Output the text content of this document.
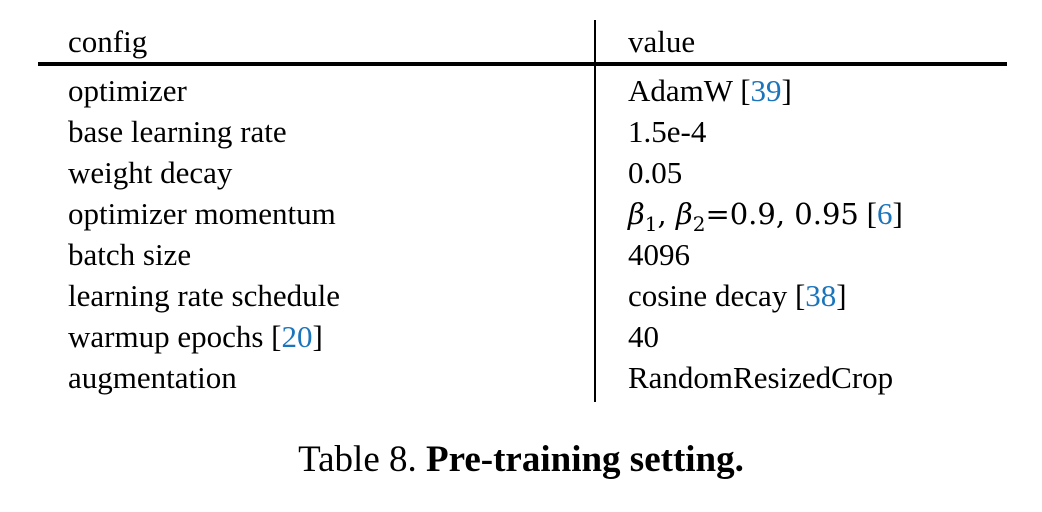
config	value
optimizer	AdamW [39]
base learning rate	1.5e-4
weight decay	0.05
optimizer momentum	$\beta_1$, $\beta_2=0.9$, 0.95 [6]
batch size	4096
learning rate schedule	cosine decay [38]
warmup epochs [20]	40
augmentation	RandomResizedCrop
Table 8. Pre-training setting.
